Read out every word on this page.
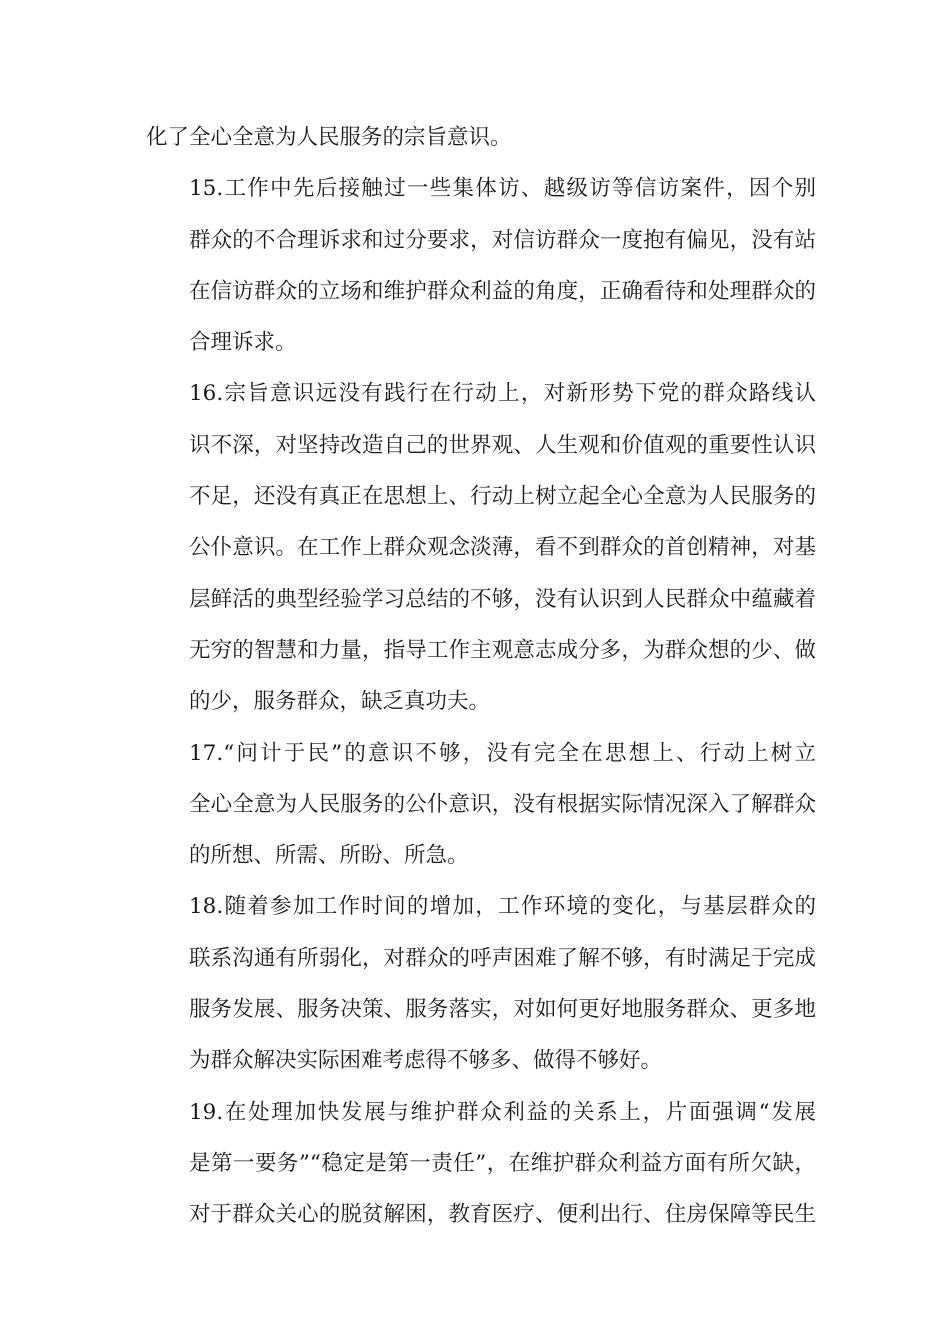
化了全心全意为人民服务的宗旨意识。

15.工作中先后接触过一些集体访、越级访等信访案件，因个别
群众的不合理诉求和过分要求，对信访群众一度抱有偏见，没有站
在信访群众的立场和维护群众利益的角度，正确看待和处理群众的
合理诉求。

16.宗旨意识远没有践行在行动上，对新形势下党的群众路线认
识不深，对坚持改造自己的世界观、人生观和价值观的重要性认识
不足，还没有真正在思想上、行动上树立起全心全意为人民服务的
公仆意识。在工作上群众观念淡薄，看不到群众的首创精神，对基
层鲜活的典型经验学习总结的不够，没有认识到人民群众中蕴藏着
无穷的智慧和力量，指导工作主观意志成分多，为群众想的少、做
的少，服务群众，缺乏真功夫。

17.“问计于民”的意识不够，没有完全在思想上、行动上树立
全心全意为人民服务的公仆意识，没有根据实际情况深入了解群众
的所想、所需、所盼、所急。

18.随着参加工作时间的增加，工作环境的变化，与基层群众的
联系沟通有所弱化，对群众的呼声困难了解不够，有时满足于完成
服务发展、服务决策、服务落实，对如何更好地服务群众、更多地
为群众解决实际困难考虑得不够多、做得不够好。

19.在处理加快发展与维护群众利益的关系上，片面强调“发展
是第一要务”“稳定是第一责任”，在维护群众利益方面有所欠缺，
对于群众关心的脱贫解困，教育医疗、便利出行、住房保障等民生
